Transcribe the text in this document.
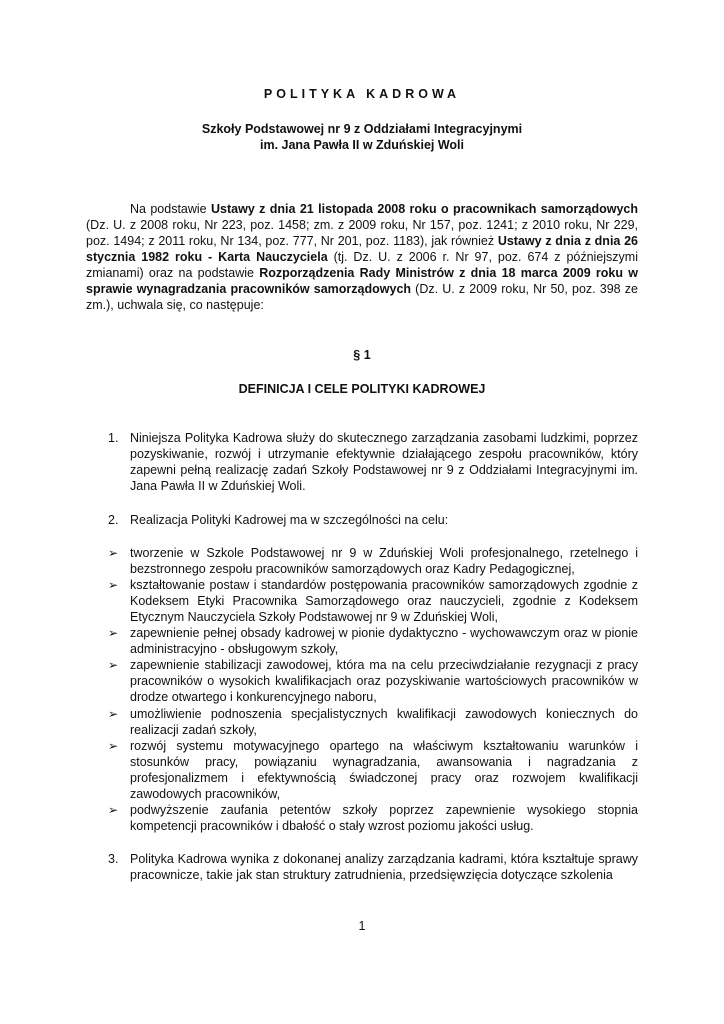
POLITYKA KADROWA
Szkoły Podstawowej nr 9 z Oddziałami Integracyjnymi
im. Jana Pawła II w Zduńskiej Woli
Na podstawie Ustawy z dnia 21 listopada 2008 roku o pracownikach samorządowych (Dz. U. z 2008 roku, Nr 223, poz. 1458; zm. z 2009 roku, Nr 157, poz. 1241; z 2010 roku, Nr 229, poz. 1494; z 2011 roku, Nr 134, poz. 777, Nr 201, poz. 1183), jak również Ustawy z dnia z dnia 26 stycznia 1982 roku - Karta Nauczyciela (tj. Dz. U. z 2006 r. Nr 97, poz. 674 z późniejszymi zmianami) oraz na podstawie Rozporządzenia Rady Ministrów z dnia 18 marca 2009 roku w sprawie wynagradzania pracowników samorządowych (Dz. U. z 2009 roku, Nr 50, poz. 398 ze zm.), uchwala się, co następuje:
§ 1
DEFINICJA I CELE POLITYKI KADROWEJ
1. Niniejsza Polityka Kadrowa służy do skutecznego zarządzania zasobami ludzkimi, poprzez pozyskiwanie, rozwój i utrzymanie efektywnie działającego zespołu pracowników, który zapewni pełną realizację zadań Szkoły Podstawowej nr 9 z Oddziałami Integracyjnymi im. Jana Pawła II w Zduńskiej Woli.
2. Realizacja Polityki Kadrowej ma w szczególności na celu:
➢ tworzenie w Szkole Podstawowej nr 9 w Zduńskiej Woli profesjonalnego, rzetelnego i bezstronnego zespołu pracowników samorządowych oraz Kadry Pedagogicznej,
➢ kształtowanie postaw i standardów postępowania pracowników samorządowych zgodnie z Kodeksem Etyki Pracownika Samorządowego oraz nauczycieli, zgodnie z Kodeksem Etycznym Nauczyciela Szkoły Podstawowej nr 9 w Zduńskiej Woli,
➢ zapewnienie pełnej obsady kadrowej w pionie dydaktyczno - wychowawczym oraz w pionie administracyjno - obsługowym szkoły,
➢ zapewnienie stabilizacji zawodowej, która ma na celu przeciwdziałanie rezygnacji z pracy pracowników o wysokich kwalifikacjach oraz pozyskiwanie wartościowych pracowników w drodze otwartego i konkurencyjnego naboru,
➢ umożliwienie podnoszenia specjalistycznych kwalifikacji zawodowych koniecznych do realizacji zadań szkoły,
➢ rozwój systemu motywacyjnego opartego na właściwym kształtowaniu warunków i stosunków pracy, powiązaniu wynagradzania, awansowania i nagradzania z profesjonalizmem i efektywnością świadczonej pracy oraz rozwojem kwalifikacji zawodowych pracowników,
➢ podwyższenie zaufania petentów szkoły poprzez zapewnienie wysokiego stopnia kompetencji pracowników i dbałość o stały wzrost poziomu jakości usług.
3. Polityka Kadrowa wynika z dokonanej analizy zarządzania kadrami, która kształtuje sprawy pracownicze, takie jak stan struktury zatrudnienia, przedsięwzięcia dotyczące szkolenia
1
